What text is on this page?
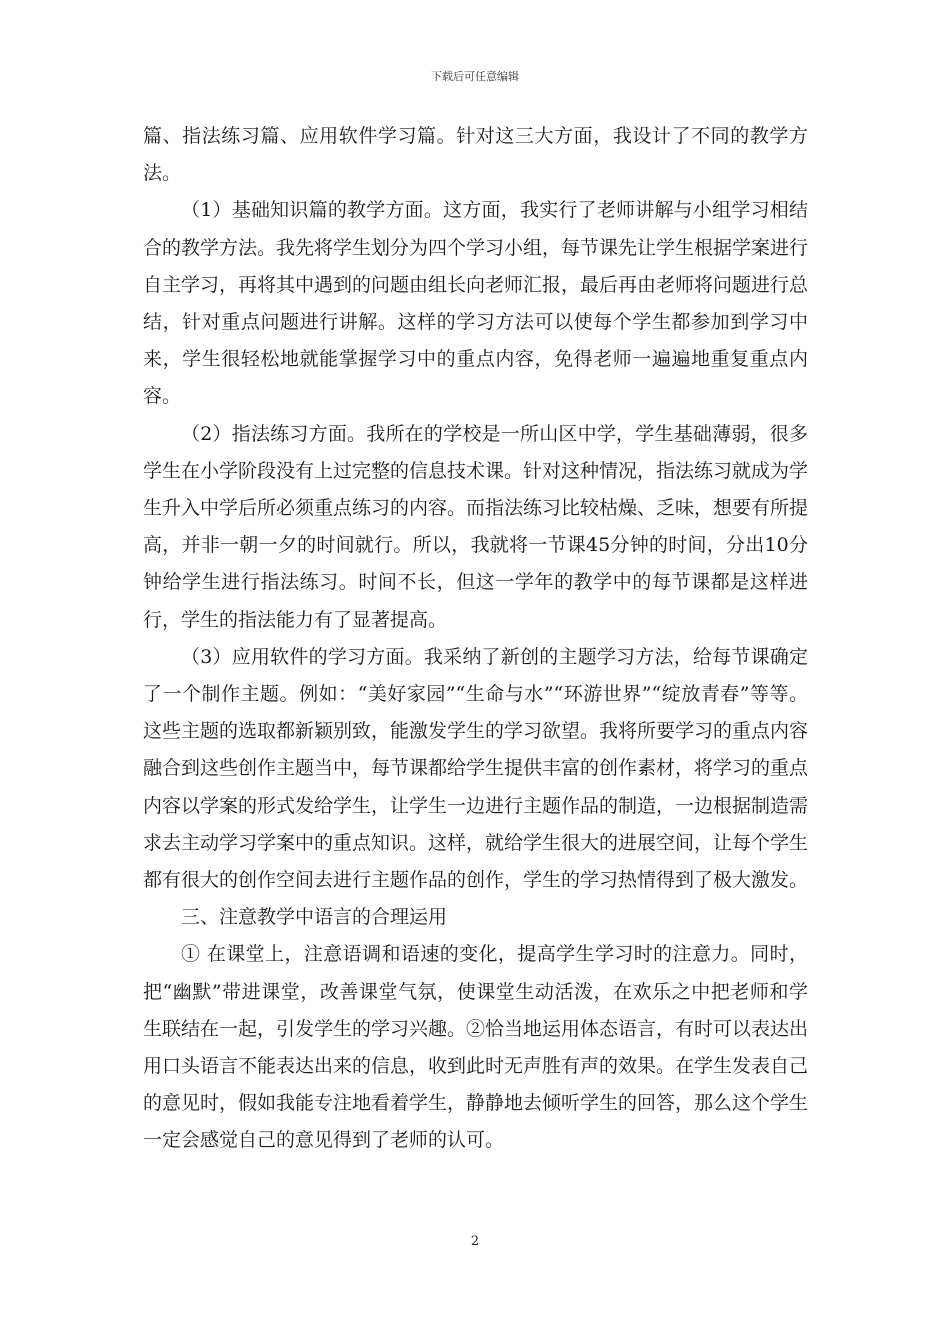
下载后可任意编辑

篇、指法练习篇、应用软件学习篇。针对这三大方面，我设计了不同的教学方法。

（1）基础知识篇的教学方面。这方面，我实行了老师讲解与小组学习相结合的教学方法。我先将学生划分为四个学习小组，每节课先让学生根据学案进行自主学习，再将其中遇到的问题由组长向老师汇报，最后再由老师将问题进行总结，针对重点问题进行讲解。这样的学习方法可以使每个学生都参加到学习中来，学生很轻松地就能掌握学习中的重点内容，免得老师一遍遍地重复重点内容。

（2）指法练习方面。我所在的学校是一所山区中学，学生基础薄弱，很多学生在小学阶段没有上过完整的信息技术课。针对这种情况，指法练习就成为学生升入中学后所必须重点练习的内容。而指法练习比较枯燥、乏味，想要有所提高，并非一朝一夕的时间就行。所以，我就将一节课45分钟的时间，分出10分钟给学生进行指法练习。时间不长，但这一学年的教学中的每节课都是这样进行，学生的指法能力有了显著提高。

（3）应用软件的学习方面。我采纳了新创的主题学习方法，给每节课确定了一个制作主题。例如：“美好家园”“生命与水”“环游世界”“绽放青春”等等。这些主题的选取都新颖别致，能激发学生的学习欲望。我将所要学习的重点内容融合到这些创作主题当中，每节课都给学生提供丰富的创作素材，将学习的重点内容以学案的形式发给学生，让学生一边进行主题作品的制造，一边根据制造需求去主动学习学案中的重点知识。这样，就给学生很大的进展空间，让每个学生都有很大的创作空间去进行主题作品的创作，学生的学习热情得到了极大激发。

三、注意教学中语言的合理运用

① 在课堂上，注意语调和语速的变化，提高学生学习时的注意力。同时，把“幽默”带进课堂，改善课堂气氛，使课堂生动活泼，在欢乐之中把老师和学生联结在一起，引发学生的学习兴趣。②恰当地运用体态语言，有时可以表达出用口头语言不能表达出来的信息，收到此时无声胜有声的效果。在学生发表自己的意见时，假如我能专注地看着学生，静静地去倾听学生的回答，那么这个学生一定会感觉自己的意见得到了老师的认可。

2
